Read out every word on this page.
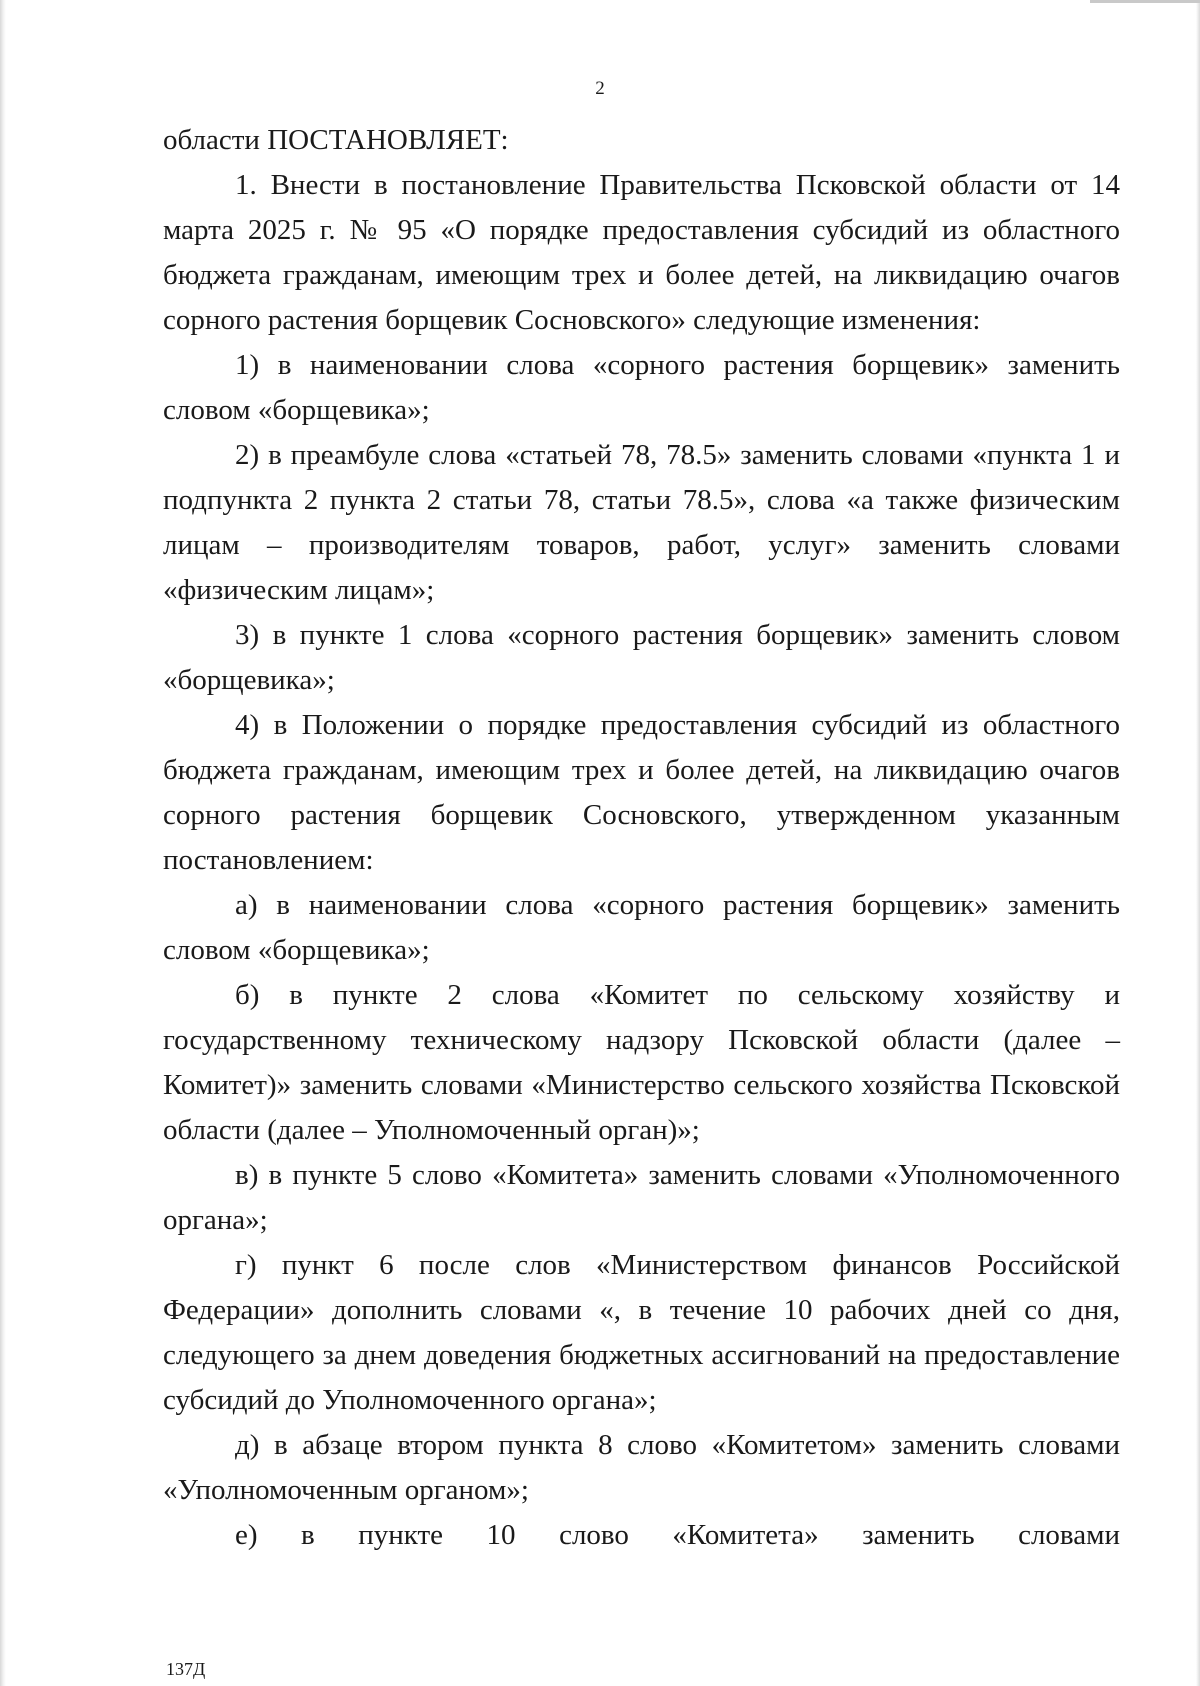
2

области ПОСТАНОВЛЯЕТ:

1. Внести в постановление Правительства Псковской области от 14 марта 2025 г. № 95 «О порядке предоставления субсидий из областного бюджета гражданам, имеющим трех и более детей, на ликвидацию очагов сорного растения борщевик Сосновского» следующие изменения:

1) в наименовании слова «сорного растения борщевик» заменить словом «борщевика»;

2) в преамбуле слова «статьей 78, 78.5» заменить словами «пункта 1 и подпункта 2 пункта 2 статьи 78, статьи 78.5», слова «а также физическим лицам – производителям товаров, работ, услуг» заменить словами «физическим лицам»;

3) в пункте 1 слова «сорного растения борщевик» заменить словом «борщевика»;

4) в Положении о порядке предоставления субсидий из областного бюджета гражданам, имеющим трех и более детей, на ликвидацию очагов сорного растения борщевик Сосновского, утвержденном указанным постановлением:

а) в наименовании слова «сорного растения борщевик» заменить словом «борщевика»;

б) в пункте 2 слова «Комитет по сельскому хозяйству и государственному техническому надзору Псковской области (далее – Комитет)» заменить словами «Министерство сельского хозяйства Псковской области (далее – Уполномоченный орган)»;

в) в пункте 5 слово «Комитета» заменить словами «Уполномоченного органа»;

г) пункт 6 после слов «Министерством финансов Российской Федерации» дополнить словами «, в течение 10 рабочих дней со дня, следующего за днем доведения бюджетных ассигнований на предоставление субсидий до Уполномоченного органа»;

д) в абзаце втором пункта 8 слово «Комитетом» заменить словами «Уполномоченным органом»;

е) в пункте 10 слово «Комитета» заменить словами

137Д
